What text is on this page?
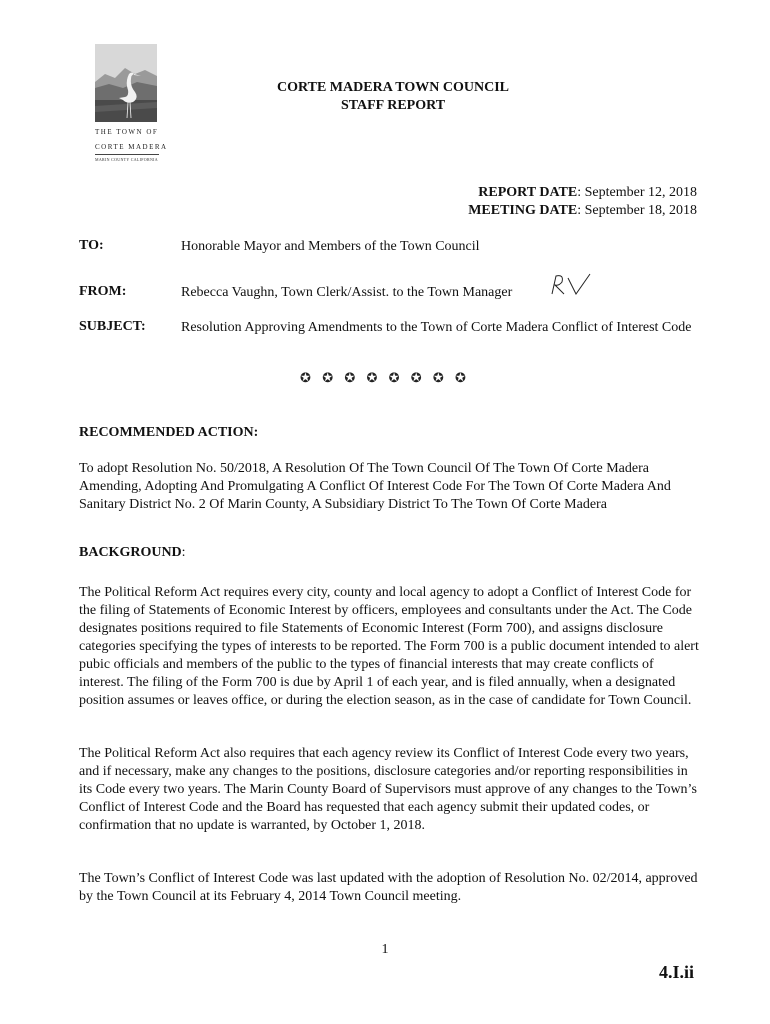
THE TOWN OF
CORTE MADERA
MARIN COUNTY CALIFORNIA
CORTE MADERA TOWN COUNCIL
STAFF REPORT
REPORT DATE: September 12, 2018
MEETING DATE: September 18, 2018
TO:	Honorable Mayor and Members of the Town Council
FROM:	Rebecca Vaughn, Town Clerk/Assist. to the Town Manager
SUBJECT:	Resolution Approving Amendments to the Town of Corte Madera Conflict of Interest Code
✪ ✪ ✪ ✪ ✪ ✪ ✪ ✪
RECOMMENDED ACTION:
To adopt Resolution No. 50/2018, A Resolution Of The Town Council Of The Town Of Corte Madera Amending, Adopting And Promulgating A Conflict Of Interest Code For The Town Of Corte Madera And Sanitary District No. 2 Of Marin County, A Subsidiary District To The Town Of Corte Madera
BACKGROUND:
The Political Reform Act requires every city, county and local agency to adopt a Conflict of Interest Code for the filing of Statements of Economic Interest by officers, employees and consultants under the Act. The Code designates positions required to file Statements of Economic Interest (Form 700), and assigns disclosure categories specifying the types of interests to be reported. The Form 700 is a public document intended to alert pubic officials and members of the public to the types of financial interests that may create conflicts of interest. The filing of the Form 700 is due by April 1 of each year, and is filed annually, when a designated position assumes or leaves office, or during the election season, as in the case of candidate for Town Council.
The Political Reform Act also requires that each agency review its Conflict of Interest Code every two years, and if necessary, make any changes to the positions, disclosure categories and/or reporting responsibilities in its Code every two years. The Marin County Board of Supervisors must approve of any changes to the Town’s Conflict of Interest Code and the Board has requested that each agency submit their updated codes, or confirmation that no update is warranted, by October 1, 2018.
The Town’s Conflict of Interest Code was last updated with the adoption of Resolution No. 02/2014, approved by the Town Council at its February 4, 2014 Town Council meeting.
1
4.I.ii
